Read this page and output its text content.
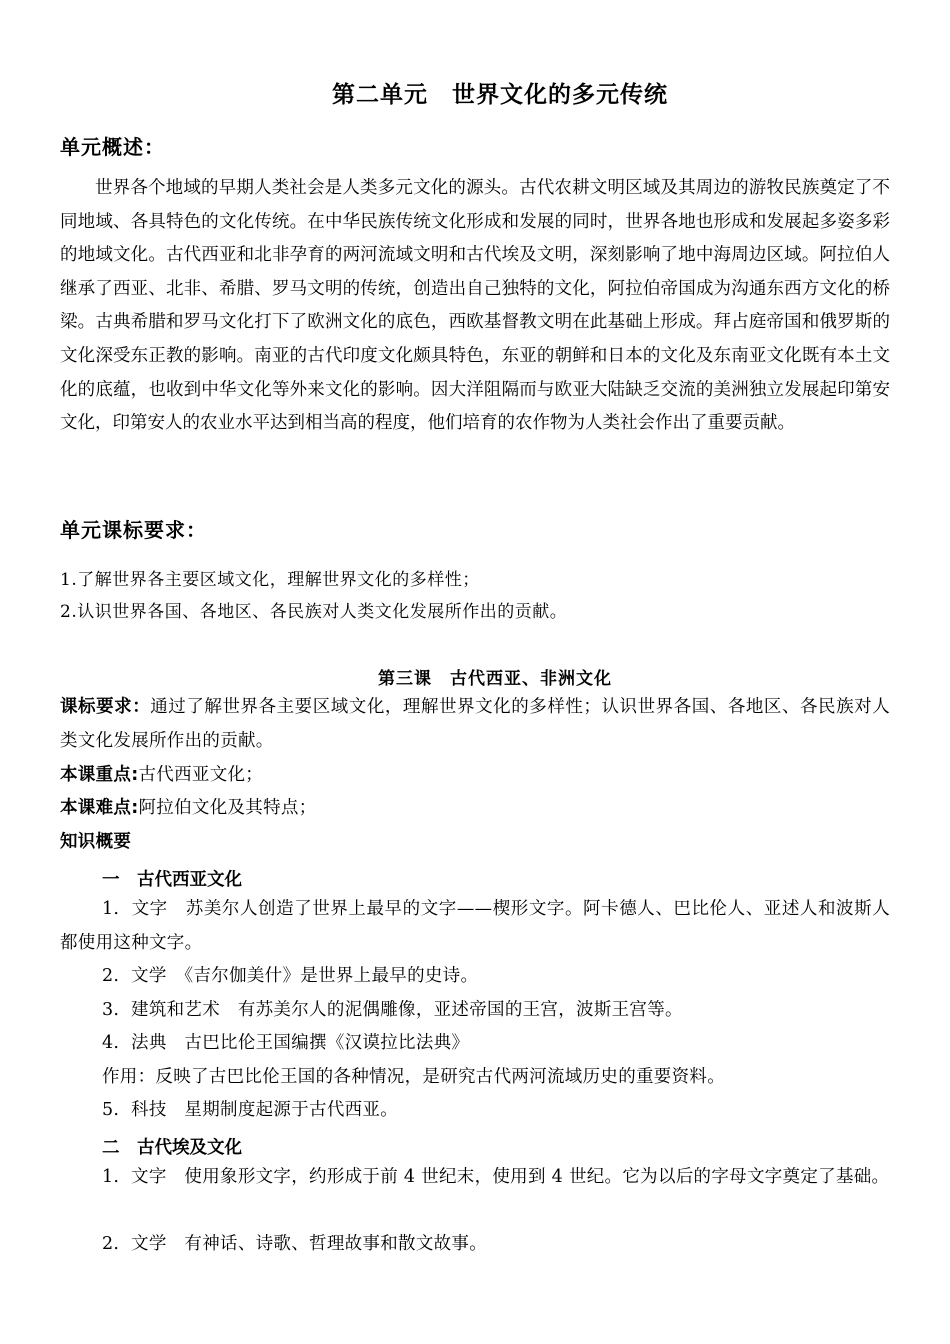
第二单元　世界文化的多元传统
单元概述：
世界各个地域的早期人类社会是人类多元文化的源头。古代农耕文明区域及其周边的游牧民族奠定了不同地域、各具特色的文化传统。在中华民族传统文化形成和发展的同时，世界各地也形成和发展起多姿多彩的地域文化。古代西亚和北非孕育的两河流域文明和古代埃及文明，深刻影响了地中海周边区域。阿拉伯人继承了西亚、北非、希腊、罗马文明的传统，创造出自己独特的文化，阿拉伯帝国成为沟通东西方文化的桥梁。古典希腊和罗马文化打下了欧洲文化的底色，西欧基督教文明在此基础上形成。拜占庭帝国和俄罗斯的文化深受东正教的影响。南亚的古代印度文化颇具特色，东亚的朝鲜和日本的文化及东南亚文化既有本土文化的底蕴，也收到中华文化等外来文化的影响。因大洋阻隔而与欧亚大陆缺乏交流的美洲独立发展起印第安文化，印第安人的农业水平达到相当高的程度，他们培育的农作物为人类社会作出了重要贡献。
单元课标要求：
1.了解世界各主要区域文化，理解世界文化的多样性；
2.认识世界各国、各地区、各民族对人类文化发展所作出的贡献。
第三课　古代西亚、非洲文化
课标要求：通过了解世界各主要区域文化，理解世界文化的多样性；认识世界各国、各地区、各民族对人类文化发展所作出的贡献。
本课重点:古代西亚文化；
本课难点:阿拉伯文化及其特点；
知识概要
一　古代西亚文化
1.  文字　苏美尔人创造了世界上最早的文字——楔形文字。阿卡德人、巴比伦人、亚述人和波斯人都使用这种文字。
2.  文学　《吉尔伽美什》是世界上最早的史诗。
3.  建筑和艺术　有苏美尔人的泥偶雕像，亚述帝国的王宫，波斯王宫等。
4.  法典　古巴比伦王国编撰《汉谟拉比法典》
作用：反映了古巴比伦王国的各种情况，是研究古代两河流域历史的重要资料。
5.  科技　星期制度起源于古代西亚。
二　古代埃及文化
1.  文字　使用象形文字，约形成于前 4 世纪末，使用到 4 世纪。它为以后的字母文字奠定了基础。
2.  文学　有神话、诗歌、哲理故事和散文故事。
